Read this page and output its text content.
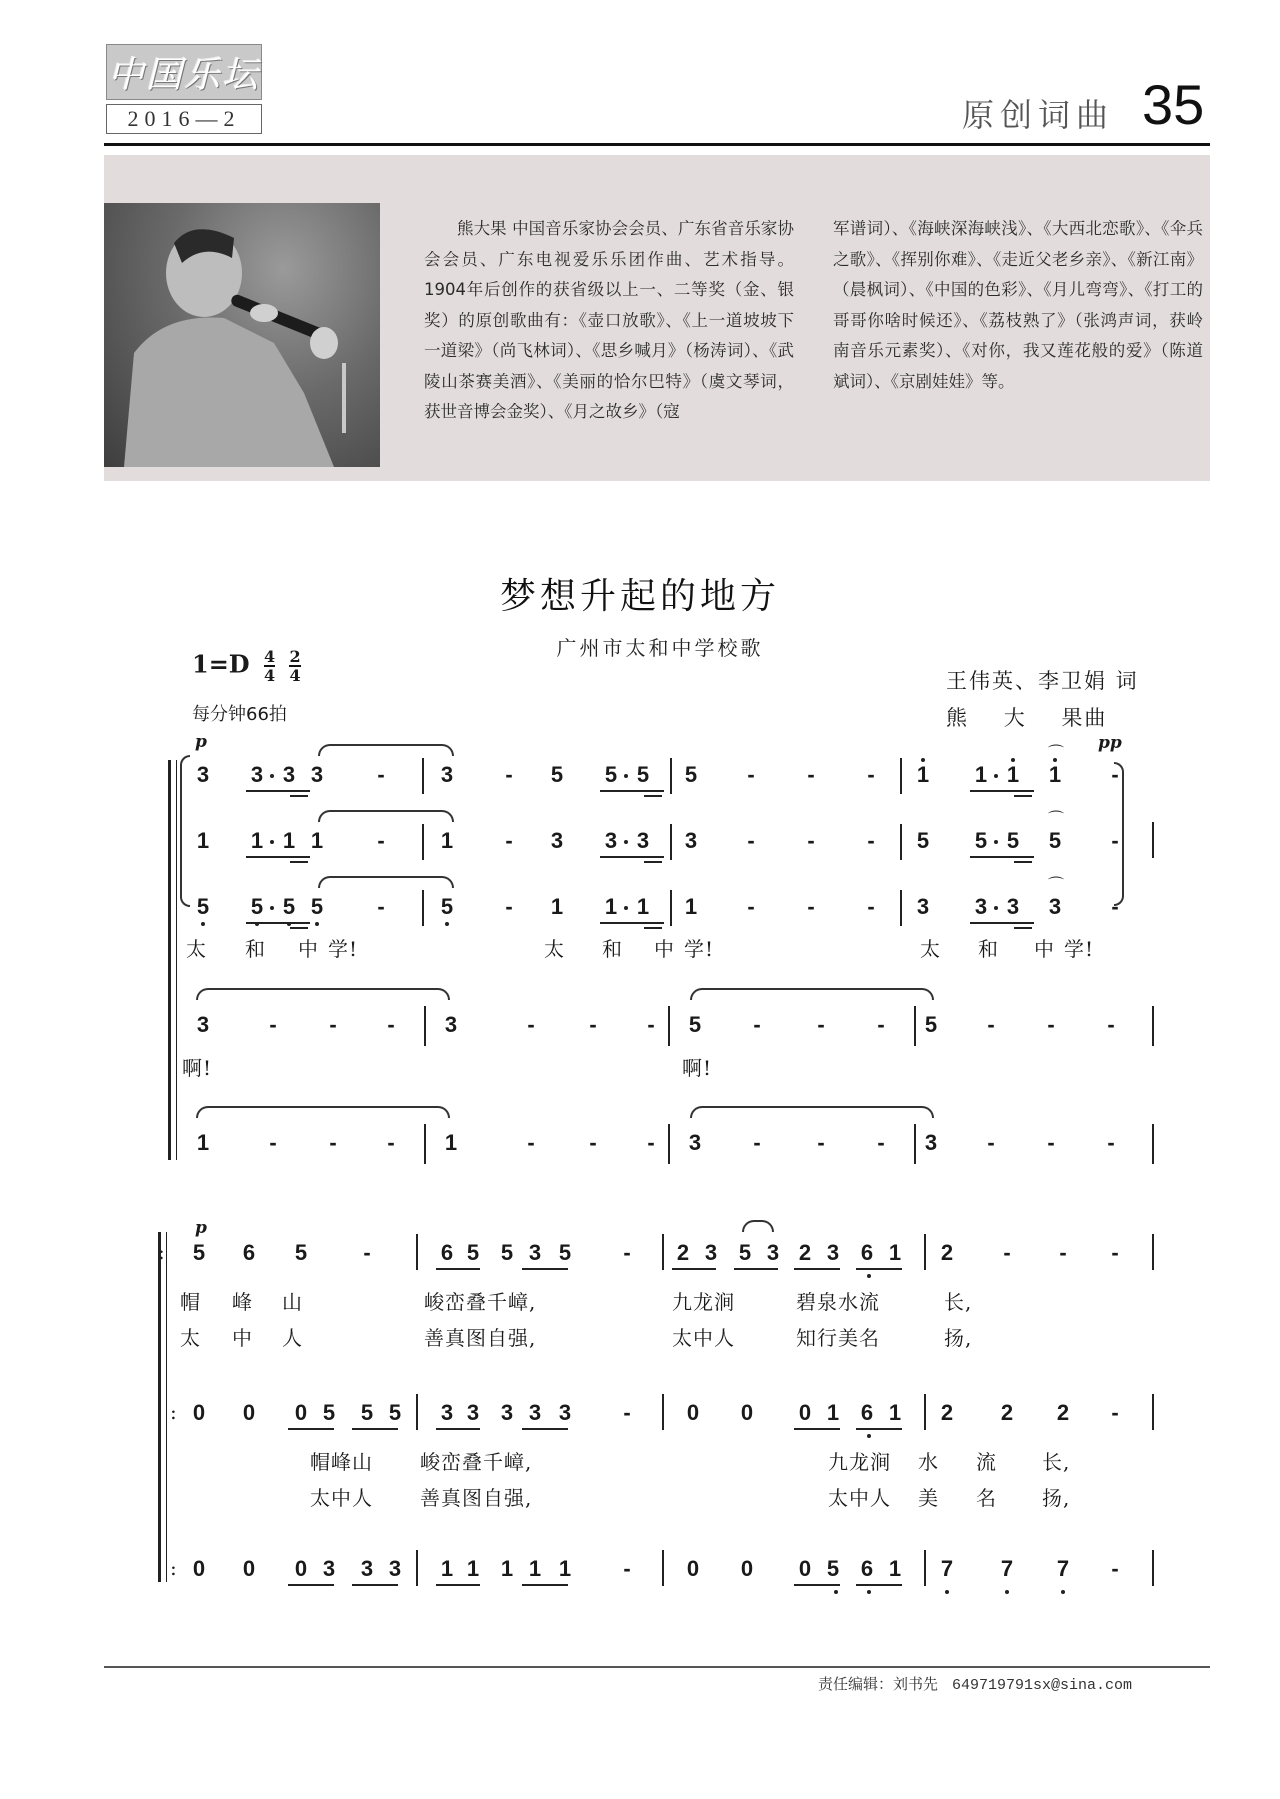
中国乐坛
2016—2	原创词曲 35
熊大果 中国音乐家协会会员、广东省音乐家协会会员、广东电视爱乐乐团作曲、艺术指导。1904年后创作的获省级以上一、二等奖（金、银奖）的原创歌曲有：《壶口放歌》、《上一道坡坡下一道梁》（尚飞林词）、《思乡喊月》（杨涛词）、《武陵山茶赛美酒》、《美丽的恰尔巴特》（虞文琴词，获世音博会金奖）、《月之故乡》（寇
军谱词）、《海峡深海峡浅》、《大西北恋歌》、《伞兵之歌》、《挥别你难》、《走近父老乡亲》、《新江南》（晨枫词）、《中国的色彩》、《月儿弯弯》、《打工的哥哥你啥时候还》、《荔枝熟了》（张鸿声词，获岭南音乐元素奖）、《对你，我又莲花般的爱》（陈道斌词）、《京剧娃娃》等。
梦想升起的地方
广州市太和中学校歌
$1=D \frac{4}{4}$
$\frac{2}{4}$
每分钟66拍
王伟英、李卫娟 词
熊    大    果曲
p	pp
3 3 3 3	-	3	-	5 5 5 5	-	-	-	1 1 1 1	-
⌒
1 1 1 1	-	1	-	3 3 3 3	-	-	-	5 5 5 5	-
⌒
5 5 5 5	-	5	-	1 1 1 1	-	-	-	3 3 3 3	-
⌒
太 和 中 学!	太 和 中 学!	太 和 中 学!
3	-	-	-	3	-	-	-	5	-	-	-	5	-	-	-
1	-	-	-	1	-	-	-	3	-	-	-	3	-	-	-
啊!	啊!
p
5 6 5	-	6 5 5 3 5	-	2 3 5 3 2 3 6 1 2	-	-	-
:
帽 峰 山	峻峦叠千嶂,	九龙涧	碧泉水流	长,
太 中 人	善真图自强,	太中人	知行美名	扬,
0 0 0 5 5 5 3 3 3 3 3	-	0 0 0 1 6 1 2 2 2	-
:
帽峰山 峻峦叠千嶂,	九龙涧 水 流 长,
太中人 善真图自强,	太中人 美 名 扬,
0 0 0 3 3 3 1 1 1 1 1	-	0 0 0 5 6 1 7 7 7	-
:
责任编辑：刘书先 649719791sx@sina.com
